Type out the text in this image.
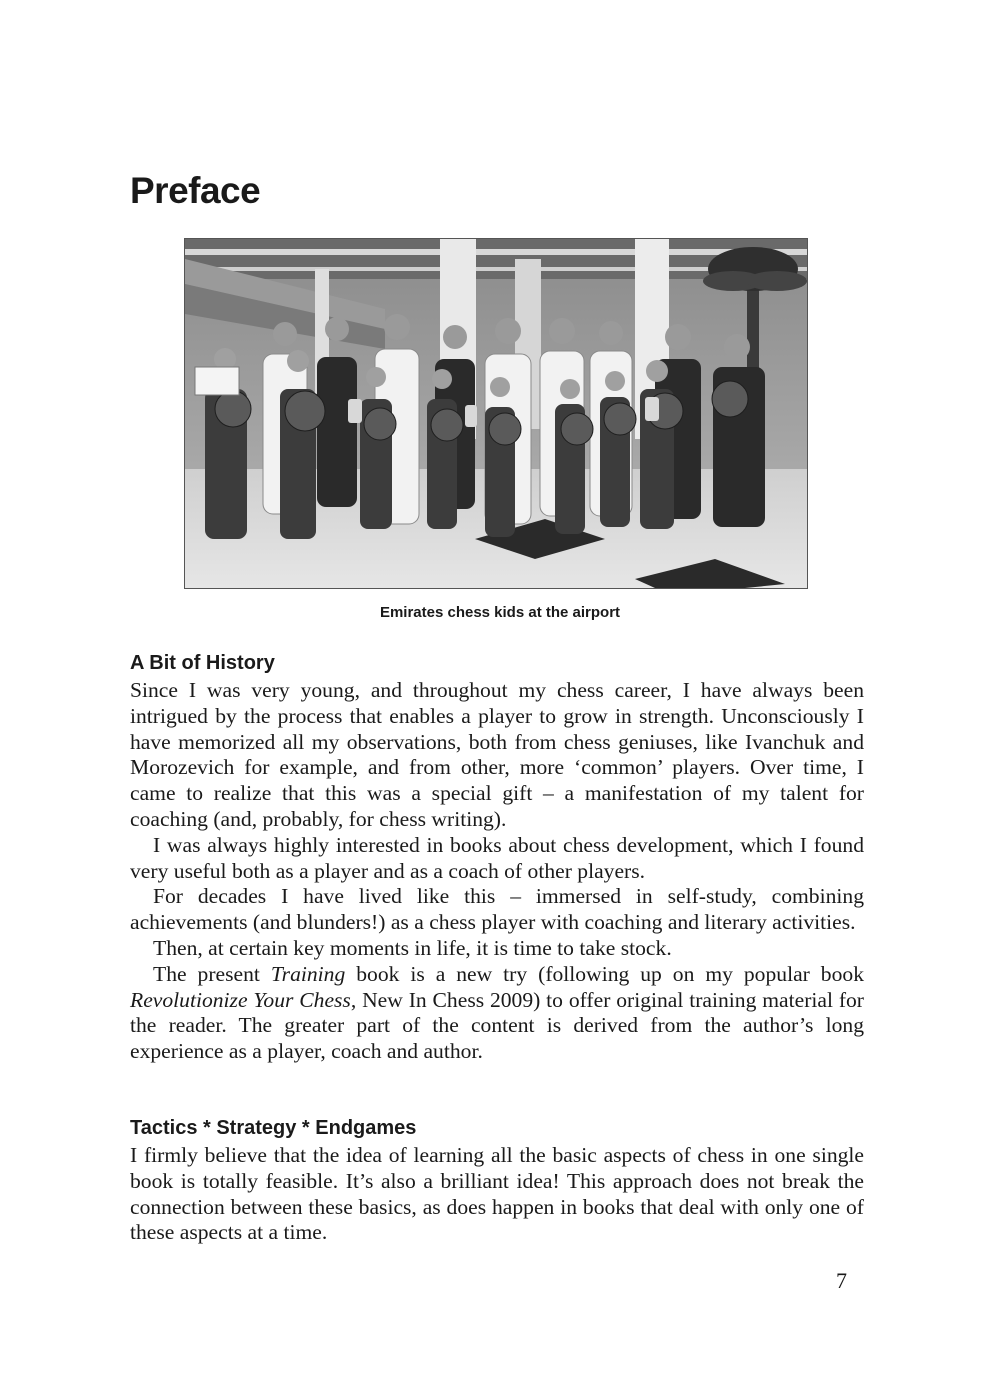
Preface
Emirates chess kids at the airport
A Bit of History

Since I was very young, and throughout my chess career, I have always been intrigued by the process that enables a player to grow in strength. Unconsciously I have memorized all my observations, both from chess geniuses, like Ivanchuk and Morozevich for example, and from other, more ‘common’ players. Over time, I came to realize that this was a special gift – a manifestation of my talent for coaching (and, probably, for chess writing).

I was always highly interested in books about chess development, which I found very useful both as a player and as a coach of other players.

For decades I have lived like this – immersed in self-study, combining achievements (and blunders!) as a chess player with coaching and literary activities.

Then, at certain key moments in life, it is time to take stock.

The present Training book is a new try (following up on my popular book Revolutionize Your Chess, New In Chess 2009) to offer original training material for the reader. The greater part of the content is derived from the author’s long experience as a player, coach and author.

Tactics * Strategy * Endgames

I firmly believe that the idea of learning all the basic aspects of chess in one single book is totally feasible. It’s also a brilliant idea! This approach does not break the connection between these basics, as does happen in books that deal with only one of these aspects at a time.

7
